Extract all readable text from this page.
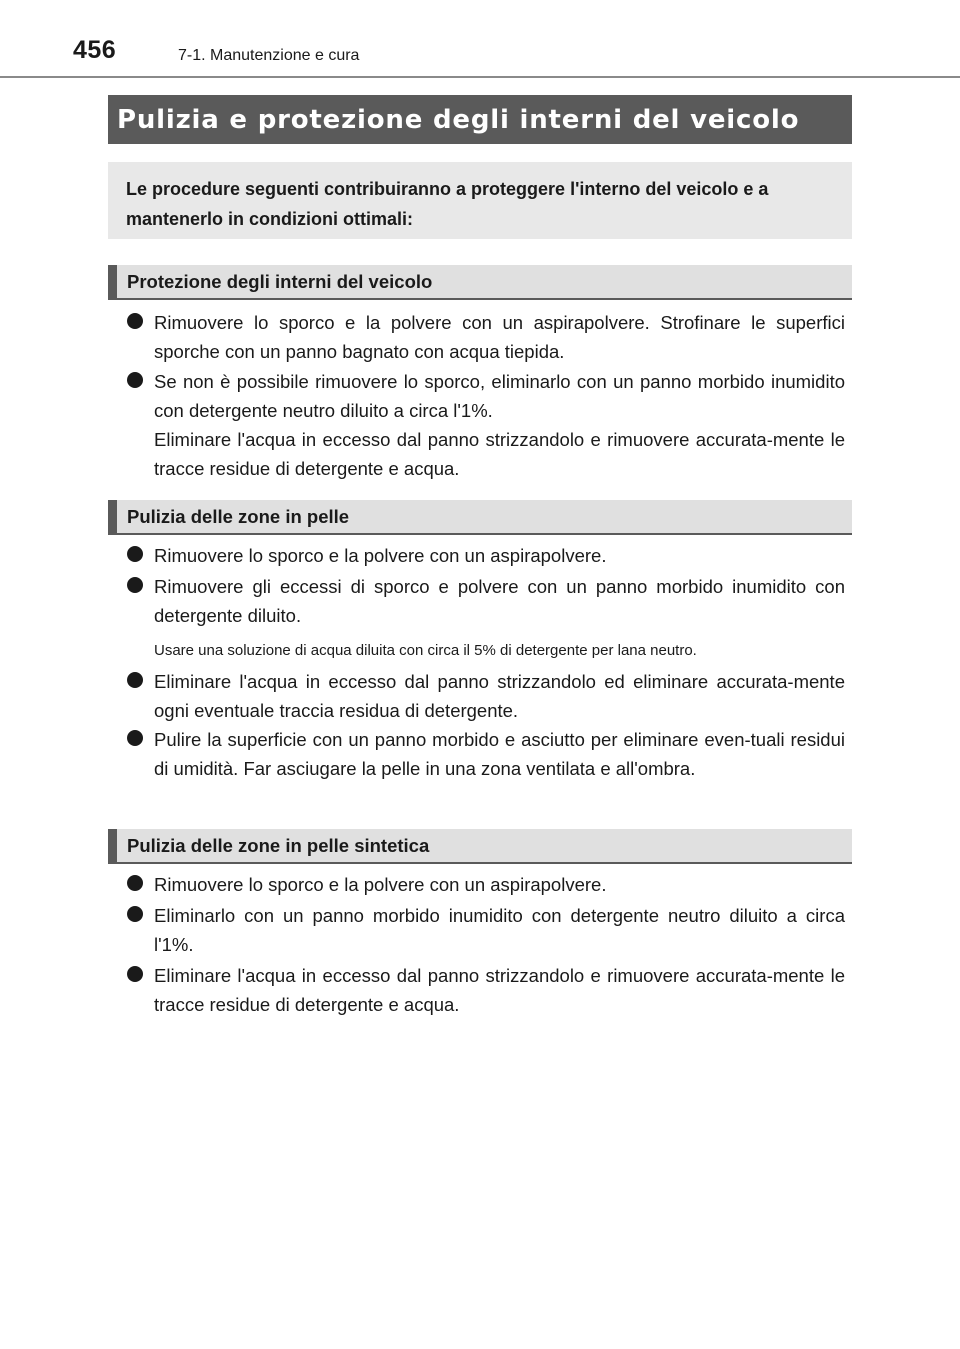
456	7-1. Manutenzione e cura
Pulizia e protezione degli interni del veicolo

Le procedure seguenti contribuiranno a proteggere l'interno del veicolo e a mantenerlo in condizioni ottimali:

Protezione degli interni del veicolo
Rimuovere lo sporco e la polvere con un aspirapolvere. Strofinare le superfici sporche con un panno bagnato con acqua tiepida.
Se non è possibile rimuovere lo sporco, eliminarlo con un panno morbido inumidito con detergente neutro diluito a circa l'1%.
Eliminare l'acqua in eccesso dal panno strizzandolo e rimuovere accurata-mente le tracce residue di detergente e acqua.
Pulizia delle zone in pelle
Rimuovere lo sporco e la polvere con un aspirapolvere.
Rimuovere gli eccessi di sporco e polvere con un panno morbido inumidito con detergente diluito.
Usare una soluzione di acqua diluita con circa il 5% di detergente per lana neutro.
Eliminare l'acqua in eccesso dal panno strizzandolo ed eliminare accurata-mente ogni eventuale traccia residua di detergente.
Pulire la superficie con un panno morbido e asciutto per eliminare even-tuali residui di umidità. Far asciugare la pelle in una zona ventilata e all'ombra.
Pulizia delle zone in pelle sintetica
Rimuovere lo sporco e la polvere con un aspirapolvere.
Eliminarlo con un panno morbido inumidito con detergente neutro diluito a circa l'1%.
Eliminare l'acqua in eccesso dal panno strizzandolo e rimuovere accurata-mente le tracce residue di detergente e acqua.
